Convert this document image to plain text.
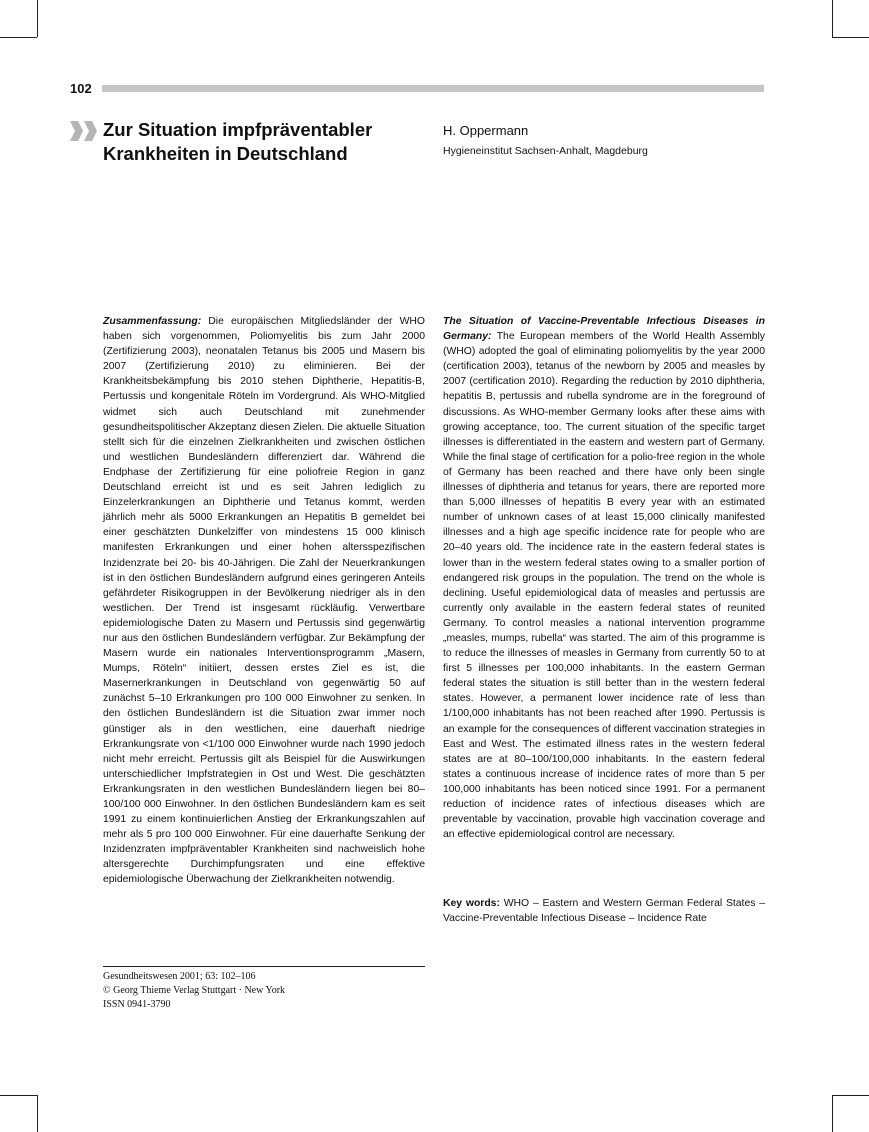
102
Zur Situation impfpräventabler
Krankheiten in Deutschland
H. Oppermann
Hygieneinstitut Sachsen-Anhalt, Magdeburg
Zusammenfassung: Die europäischen Mitgliedsländer der WHO haben sich vorgenommen, Poliomyelitis bis zum Jahr 2000 (Zertifizierung 2003), neonatalen Tetanus bis 2005 und Masern bis 2007 (Zertifizierung 2010) zu eliminieren. Bei der Krankheitsbekämpfung bis 2010 stehen Diphtherie, Hepatitis-B, Pertussis und kongenitale Röteln im Vordergrund. Als WHO-Mitglied widmet sich auch Deutschland mit zunehmender gesundheitspolitischer Akzeptanz diesen Zielen. Die aktuelle Situation stellt sich für die einzelnen Zielkrankheiten und zwischen östlichen und westlichen Bundesländern differenziert dar. Während die Endphase der Zertifizierung für eine poliofreie Region in ganz Deutschland erreicht ist und es seit Jahren lediglich zu Einzelerkrankungen an Diphtherie und Tetanus kommt, werden jährlich mehr als 5000 Erkrankungen an Hepatitis B gemeldet bei einer geschätzten Dunkelziffer von mindestens 15 000 klinisch manifesten Erkrankungen und einer hohen altersspezifischen Inzidenzrate bei 20- bis 40-Jährigen. Die Zahl der Neuerkrankungen ist in den östlichen Bundesländern aufgrund eines geringeren Anteils gefährdeter Risikogruppen in der Bevölkerung niedriger als in den westlichen. Der Trend ist insgesamt rückläufig. Verwertbare epidemiologische Daten zu Masern und Pertussis sind gegenwärtig nur aus den östlichen Bundesländern verfügbar. Zur Bekämpfung der Masern wurde ein nationales Interventionsprogramm „Masern, Mumps, Röteln“ initiiert, dessen erstes Ziel es ist, die Masernerkrankungen in Deutschland von gegenwärtig 50 auf zunächst 5–10 Erkrankungen pro 100 000 Einwohner zu senken. In den östlichen Bundesländern ist die Situation zwar immer noch günstiger als in den westlichen, eine dauerhaft niedrige Erkrankungsrate von <1/100 000 Einwohner wurde nach 1990 jedoch nicht mehr erreicht. Pertussis gilt als Beispiel für die Auswirkungen unterschiedlicher Impfstrategien in Ost und West. Die geschätzten Erkrankungsraten in den westlichen Bundesländern liegen bei 80–100/100 000 Einwohner. In den östlichen Bundesländern kam es seit 1991 zu einem kontinuierlichen Anstieg der Erkrankungszahlen auf mehr als 5 pro 100 000 Einwohner. Für eine dauerhafte Senkung der Inzidenzraten impfpräventabler Krankheiten sind nachweislich hohe altersgerechte Durchimpfungsraten und eine effektive epidemiologische Überwachung der Zielkrankheiten notwendig.
The Situation of Vaccine-Preventable Infectious Diseases in Germany: The European members of the World Health Assembly (WHO) adopted the goal of eliminating poliomyelitis by the year 2000 (certification 2003), tetanus of the newborn by 2005 and measles by 2007 (certification 2010). Regarding the reduction by 2010 diphtheria, hepatitis B, pertussis and rubella syndrome are in the foreground of discussions. As WHO-member Germany looks after these aims with growing acceptance, too. The current situation of the specific target illnesses is differentiated in the eastern and western part of Germany. While the final stage of certification for a polio-free region in the whole of Germany has been reached and there have only been single illnesses of diphtheria and tetanus for years, there are reported more than 5,000 illnesses of hepatitis B every year with an estimated number of unknown cases of at least 15,000 clinically manifested illnesses and a high age specific incidence rate for people who are 20–40 years old. The incidence rate in the eastern federal states is lower than in the western federal states owing to a smaller portion of endangered risk groups in the population. The trend on the whole is declining. Useful epidemiological data of measles and pertussis are currently only available in the eastern federal states of reunited Germany. To control measles a national intervention programme „measles, mumps, rubella“ was started. The aim of this programme is to reduce the illnesses of measles in Germany from currently 50 to at first 5 illnesses per 100,000 inhabitants. In the eastern German federal states the situation is still better than in the western federal states. However, a permanent lower incidence rate of less than 1/100,000 inhabitants has not been reached after 1990. Pertussis is an example for the consequences of different vaccination strategies in East and West. The estimated illness rates in the western federal states are at 80–100/100,000 inhabitants. In the eastern federal states a continuous increase of incidence rates of more than 5 per 100,000 inhabitants has been noticed since 1991. For a permanent reduction of incidence rates of infectious diseases which are preventable by vaccination, provable high vaccination coverage and an effective epidemiological control are necessary.
Key words: WHO – Eastern and Western German Federal States – Vaccine-Preventable Infectious Disease – Incidence Rate
Gesundheitswesen 2001; 63: 102–106
© Georg Thieme Verlag Stuttgart · New York
ISSN 0941-3790
